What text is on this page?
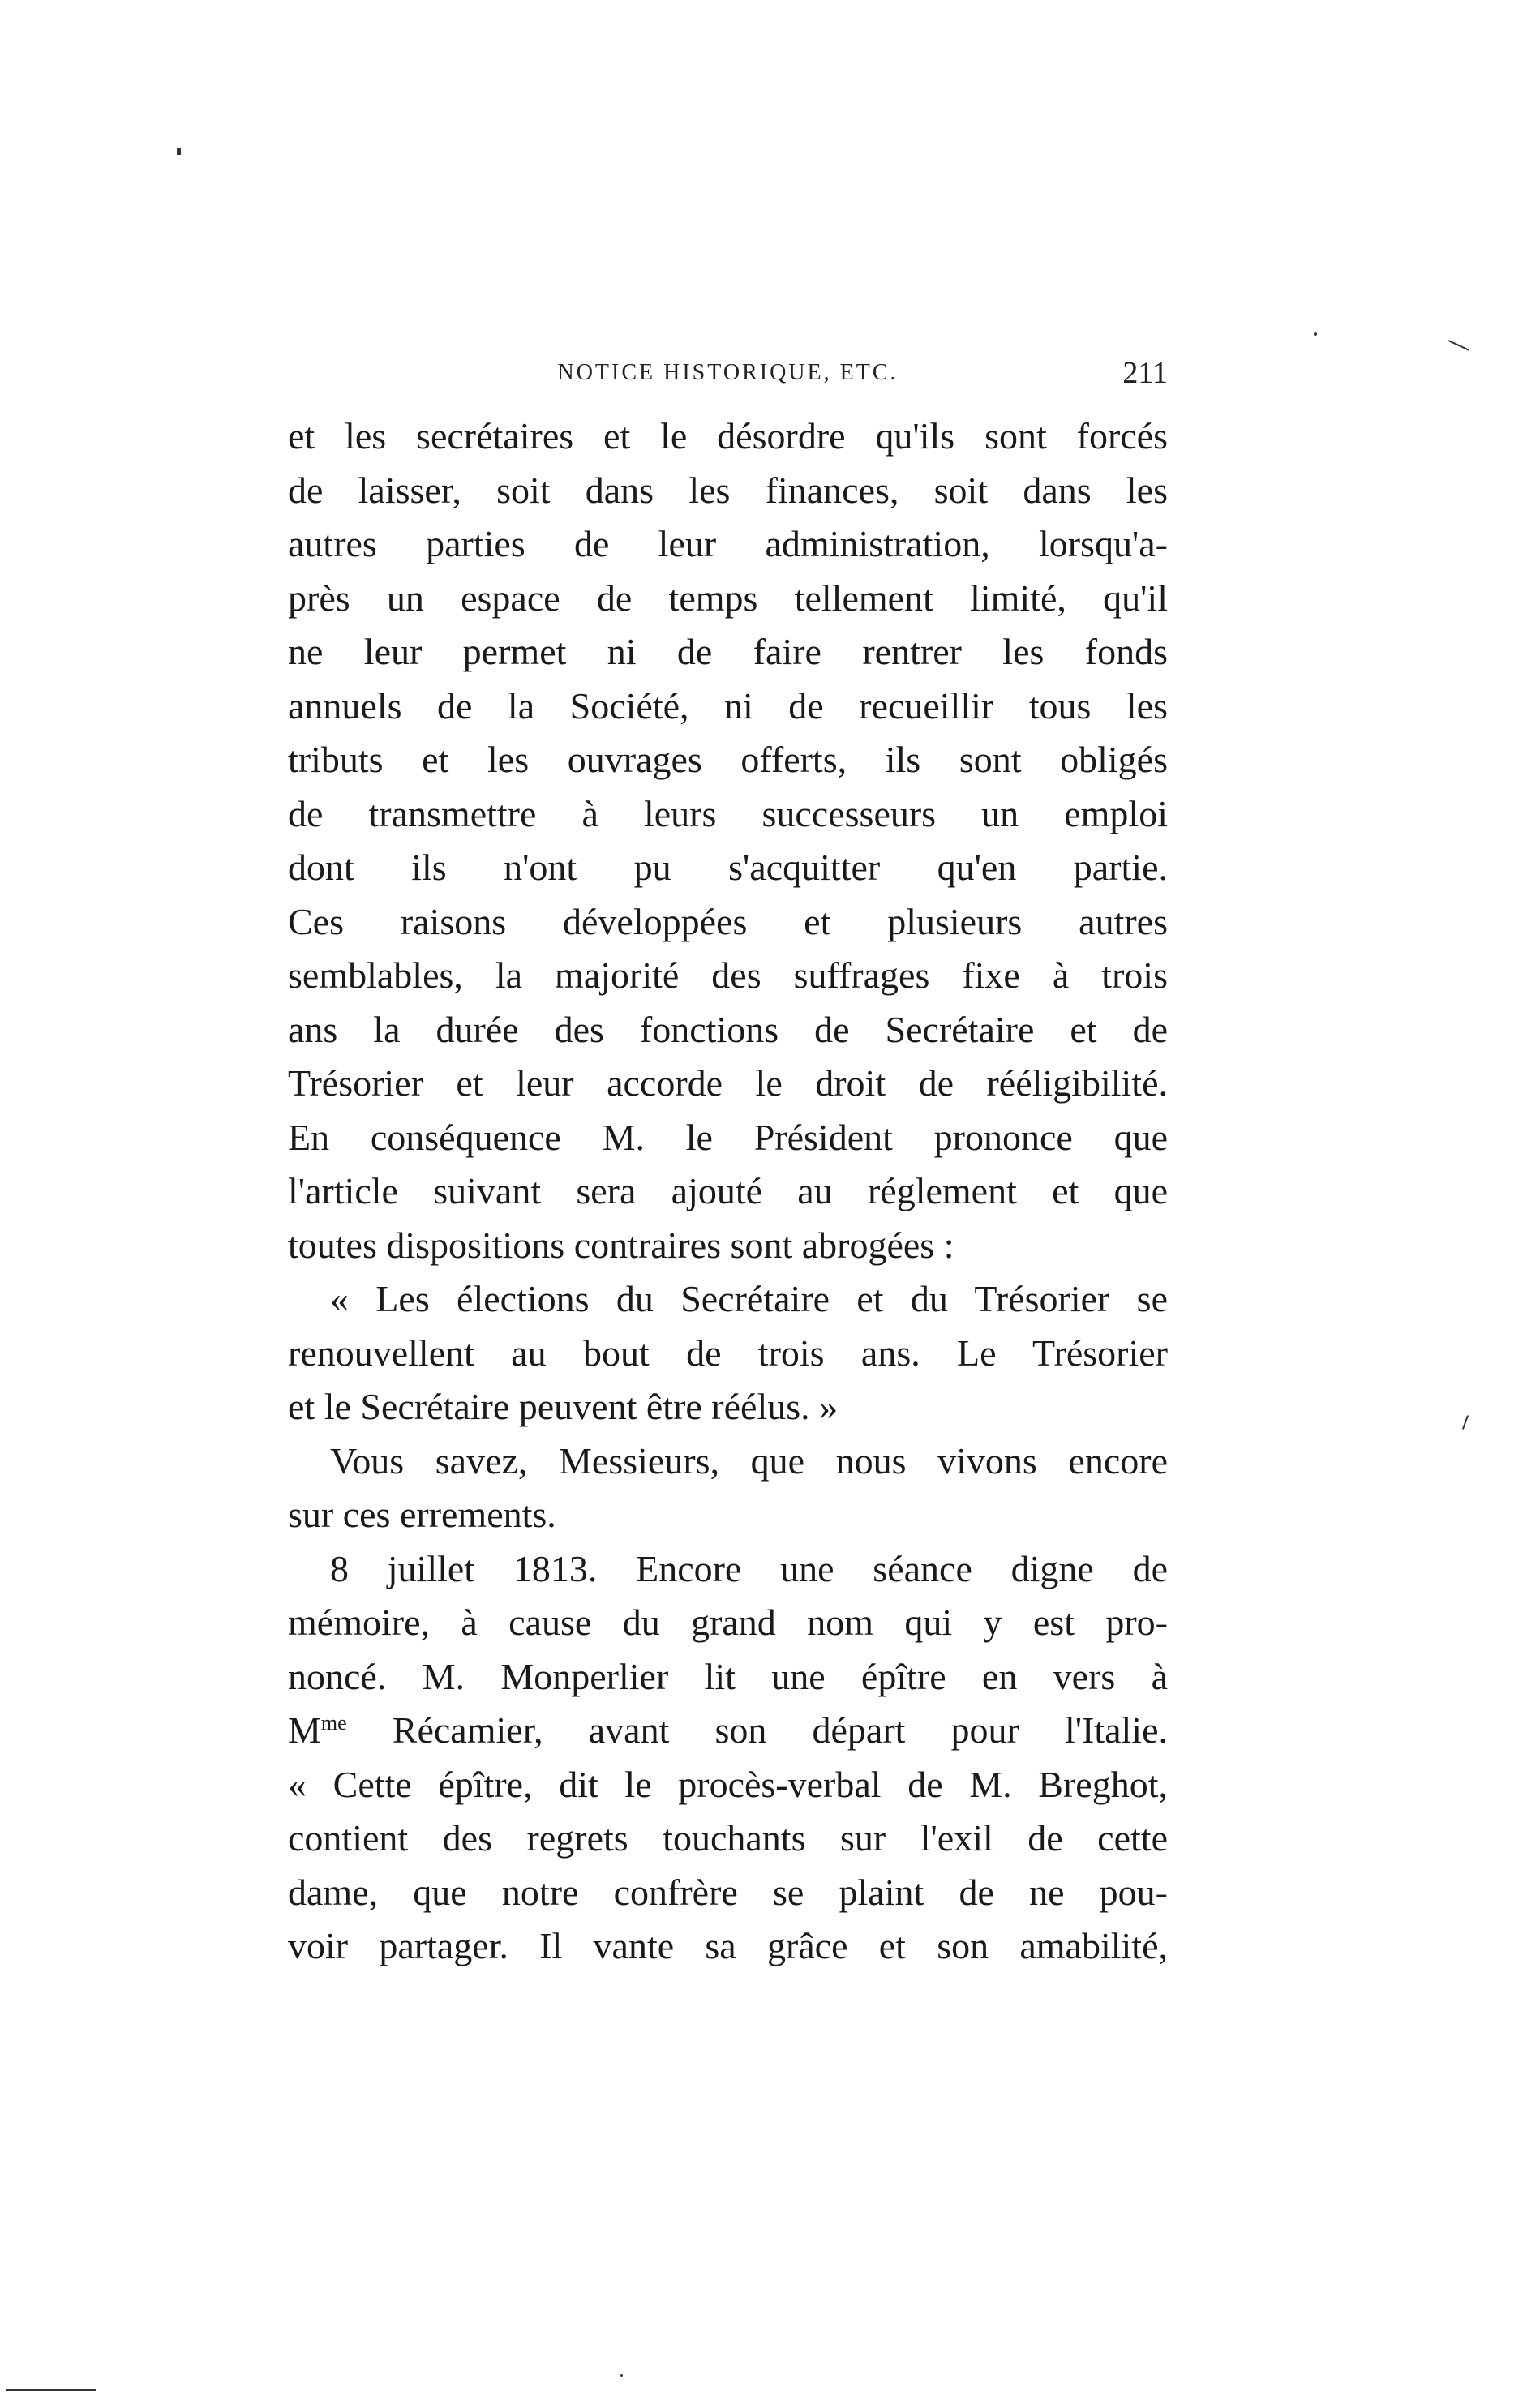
NOTICE HISTORIQUE, ETC.	211
et les secrétaires et le désordre qu'ils sont forcés
de laisser, soit dans les finances, soit dans les
autres parties de leur administration, lorsqu'a-
près un espace de temps tellement limité, qu'il
ne leur permet ni de faire rentrer les fonds
annuels de la Société, ni de recueillir tous les
tributs et les ouvrages offerts, ils sont obligés
de transmettre à leurs successeurs un emploi
dont ils n'ont pu s'acquitter qu'en partie.
Ces raisons développées et plusieurs autres
semblables, la majorité des suffrages fixe à trois
ans la durée des fonctions de Secrétaire et de
Trésorier et leur accorde le droit de rééligibilité.
En conséquence M. le Président prononce que
l'article suivant sera ajouté au réglement et que
toutes dispositions contraires sont abrogées :
« Les élections du Secrétaire et du Trésorier se
renouvellent au bout de trois ans. Le Trésorier
et le Secrétaire peuvent être réélus. »
Vous savez, Messieurs, que nous vivons encore
sur ces errements.
8 juillet 1813. Encore une séance digne de
mémoire, à cause du grand nom qui y est pro-
noncé. M. Monperlier lit une épître en vers à
$M^{me}$ Récamier, avant son départ pour l'Italie.
« Cette épître, dit le procès-verbal de M. Breghot,
contient des regrets touchants sur l'exil de cette
dame, que notre confrère se plaint de ne pou-
voir partager. Il vante sa grâce et son amabilité,
